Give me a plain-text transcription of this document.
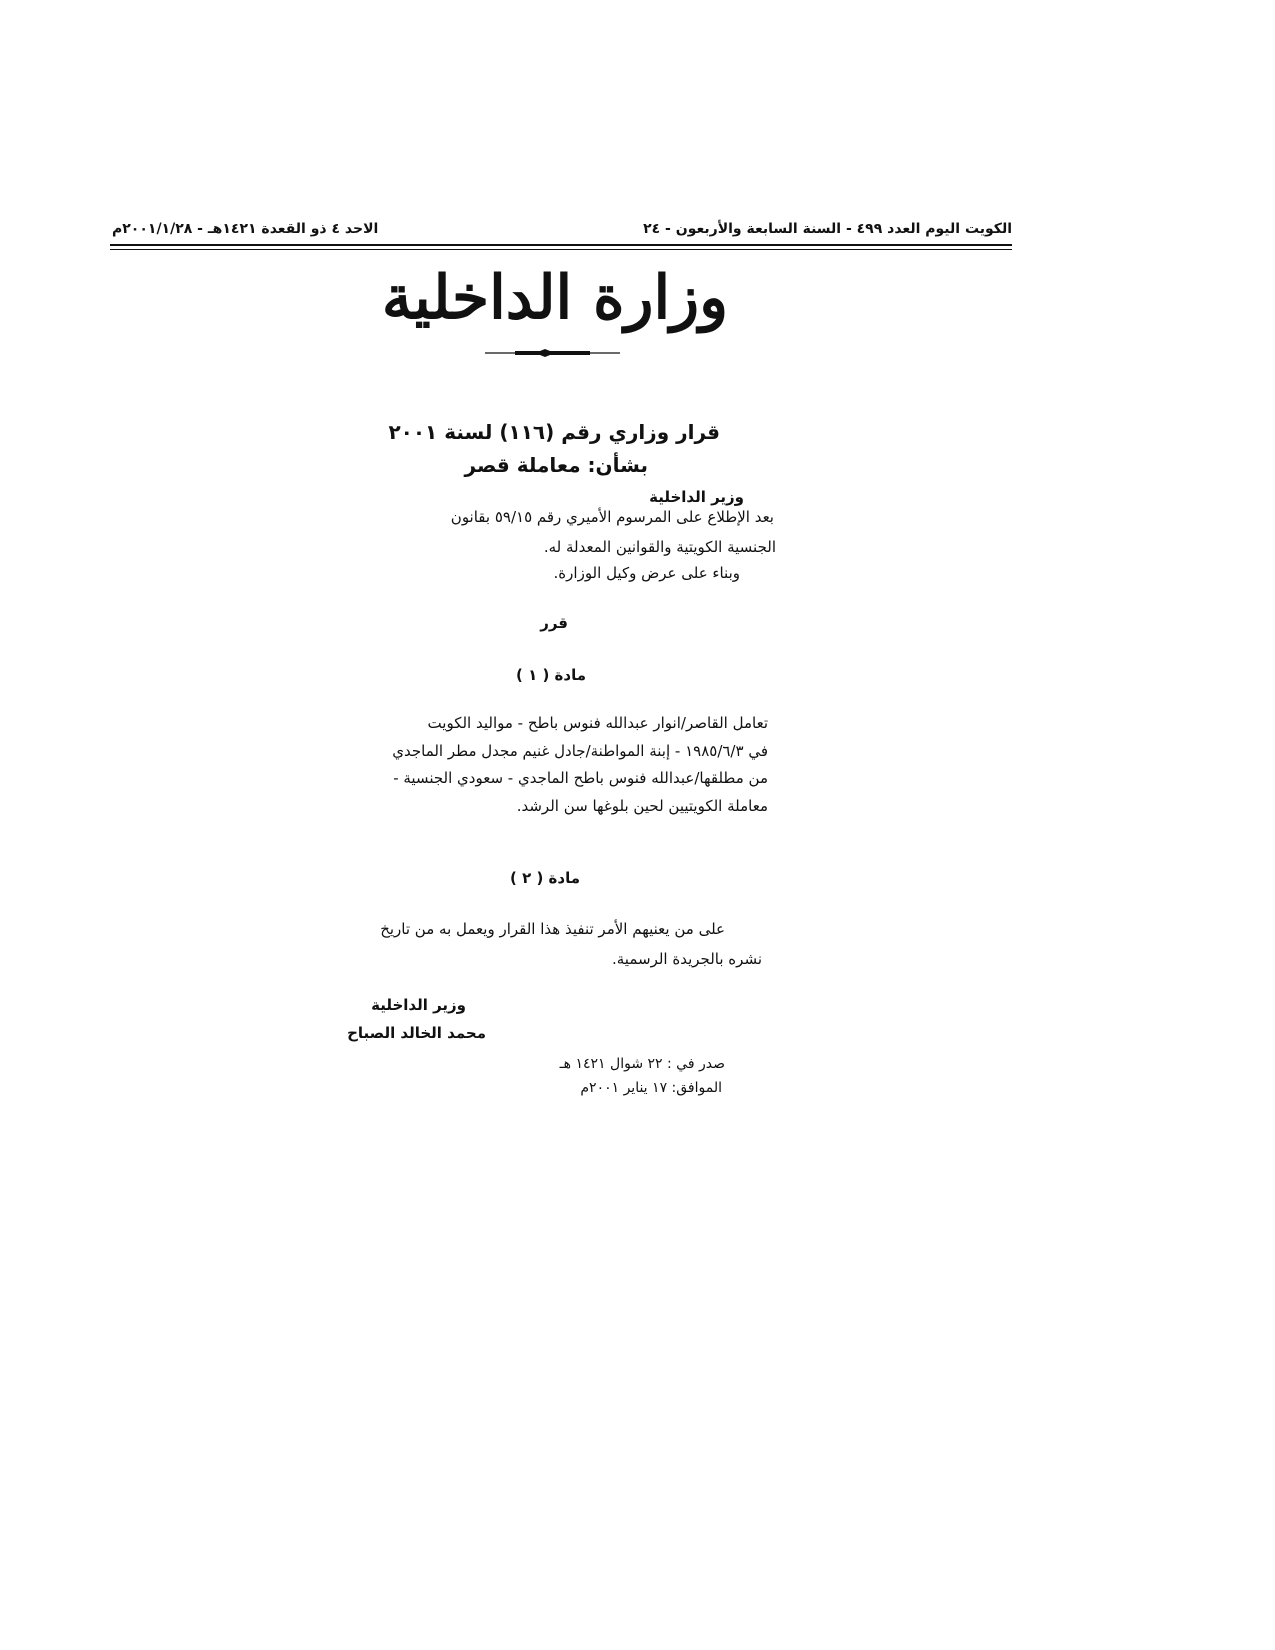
الكويت اليوم العدد ٤٩٩ - السنة السابعة والأربعون - ٢٤
الاحد ٤ ذو القعدة ١٤٢١هـ - ٢٠٠١/١/٢٨م
وزارة الداخلية
قرار وزاري رقم (١١٦) لسنة ٢٠٠١
بشأن: معاملة قصر
وزير الداخلية
بعد الإطلاع على المرسوم الأميري رقم ٥٩/١٥ بقانون
الجنسية الكويتية والقوانين المعدلة له.
وبناء على عرض وكيل الوزارة.
قرر
مادة ( ١ )
تعامل القاصر/انوار عبدالله فنوس باطح - مواليد الكويت
في ١٩٨٥/٦/٣ - إبنة المواطنة/جادل غنيم مجدل مطر الماجدي
من مطلقها/عبدالله فنوس باطح الماجدي - سعودي الجنسية -
معاملة الكويتيين لحين بلوغها سن الرشد.
مادة ( ٢ )
على من يعنيهم الأمر تنفيذ هذا القرار ويعمل به من تاريخ
نشره بالجريدة الرسمية.
وزير الداخلية
محمد الخالد الصباح
صدر في : ٢٢ شوال ١٤٢١ هـ
الموافق: ١٧ يناير ٢٠٠١م
